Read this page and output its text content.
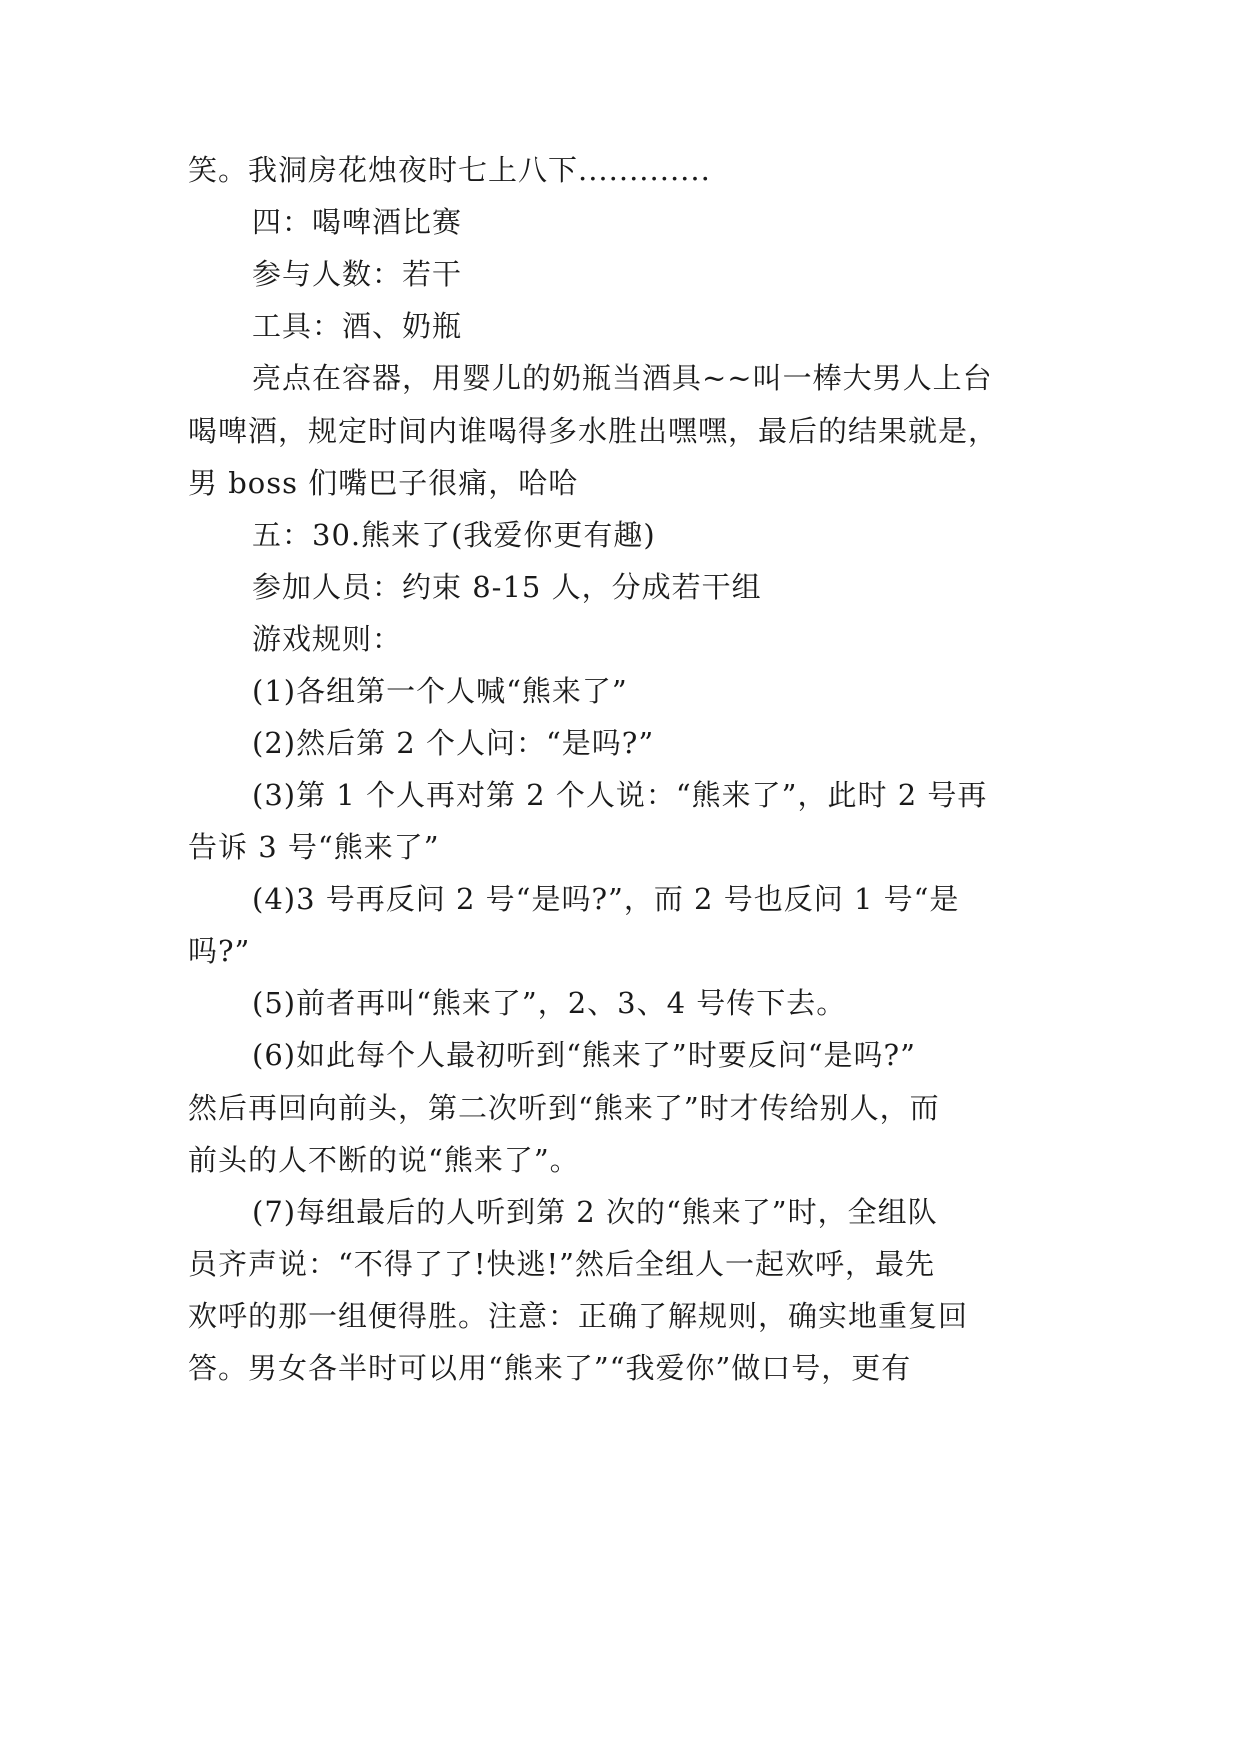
笑。我洞房花烛夜时七上八下.............
四：喝啤酒比赛
参与人数：若干
工具：酒、奶瓶
亮点在容器，用婴儿的奶瓶当酒具~~叫一棒大男人上台
喝啤酒，规定时间内谁喝得多水胜出嘿嘿，最后的结果就是，
男 boss 们嘴巴子很痛，哈哈
五：30.熊来了(我爱你更有趣)
参加人员：约束 8-15 人，分成若干组
游戏规则：
(1)各组第一个人喊“熊来了”
(2)然后第 2 个人问：“是吗?”
(3)第 1 个人再对第 2 个人说：“熊来了”，此时 2 号再
告诉 3 号“熊来了”
(4)3 号再反问 2 号“是吗?”，而 2 号也反问 1 号“是
吗?”
(5)前者再叫“熊来了”，2、3、4 号传下去。
(6)如此每个人最初听到“熊来了”时要反问“是吗?”
然后再回向前头，第二次听到“熊来了”时才传给别人，而
前头的人不断的说“熊来了”。
(7)每组最后的人听到第 2 次的“熊来了”时，全组队
员齐声说：“不得了了!快逃!”然后全组人一起欢呼，最先
欢呼的那一组便得胜。注意：正确了解规则，确实地重复回
答。男女各半时可以用“熊来了”“我爱你”做口号，更有
